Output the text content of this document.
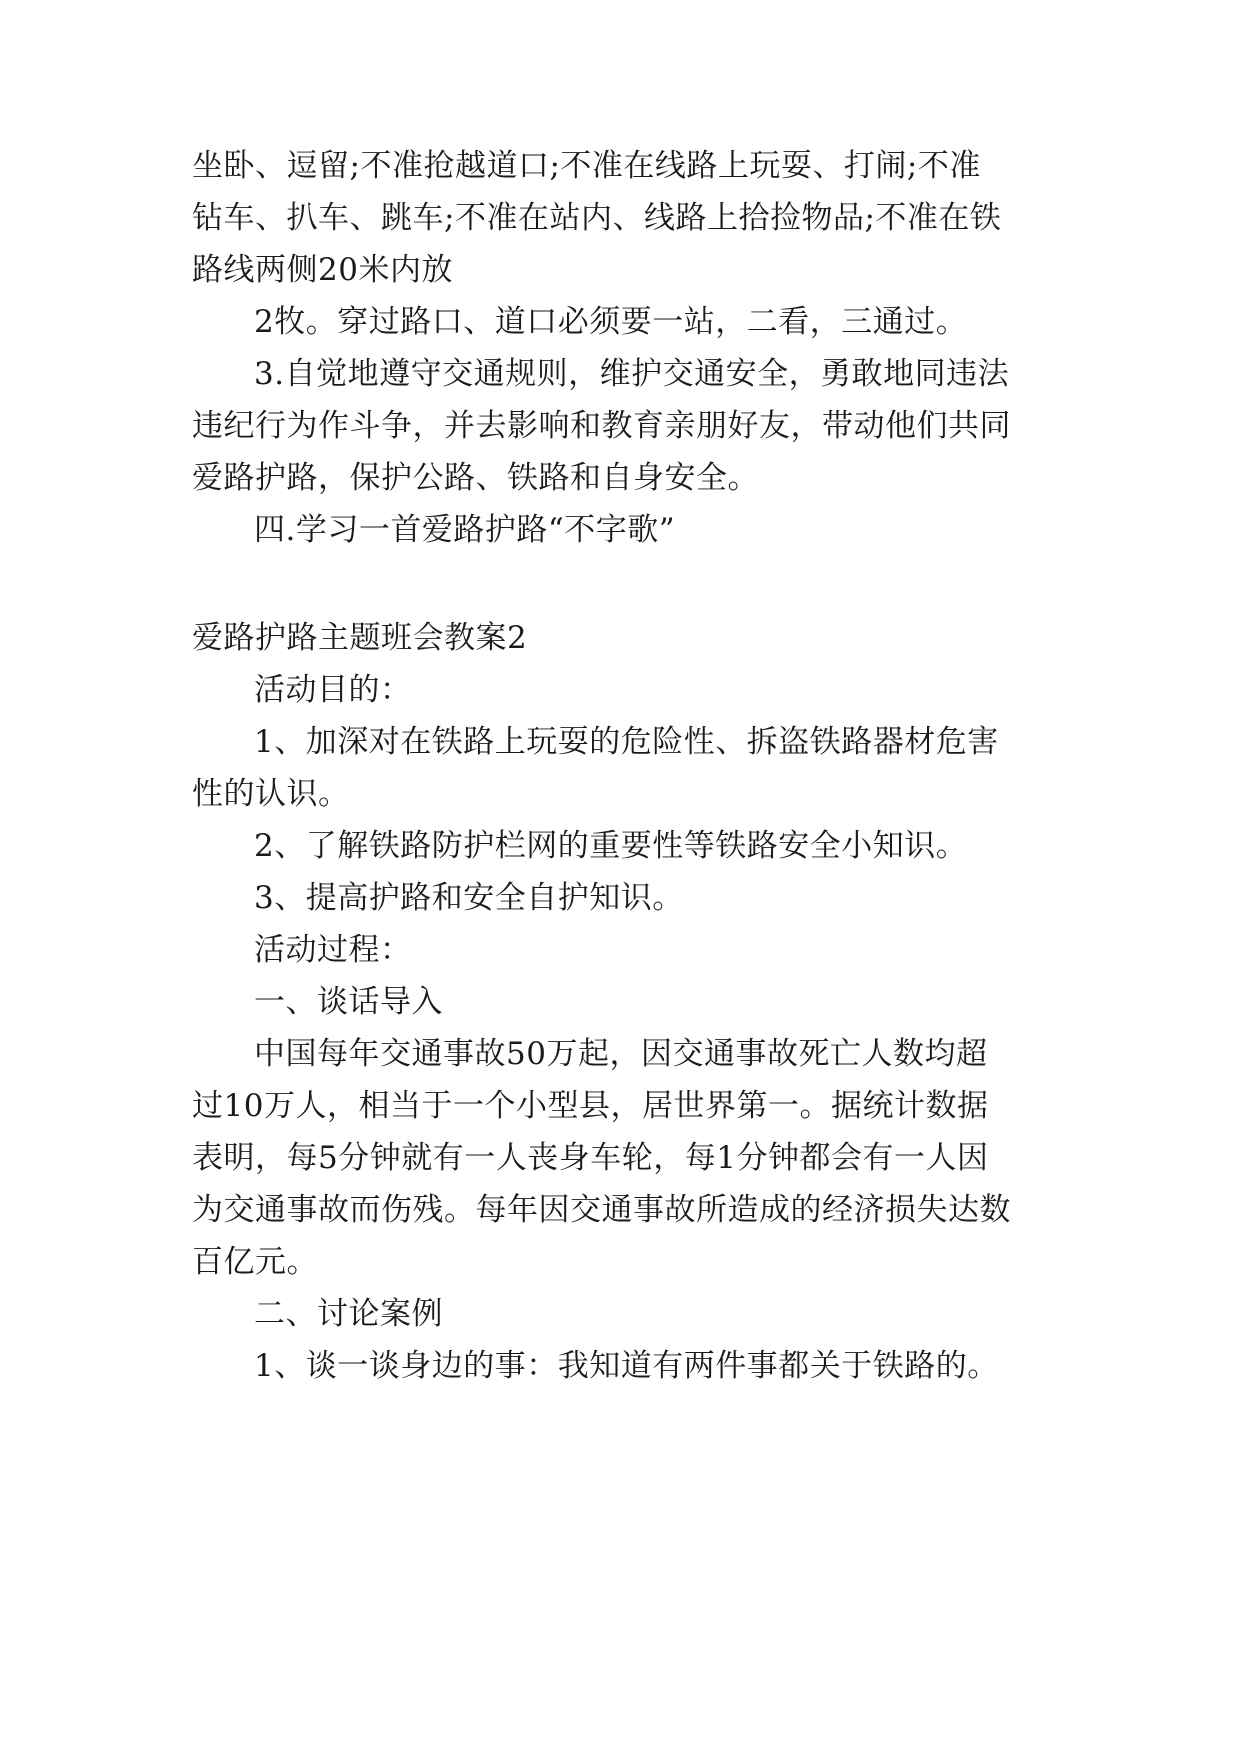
坐卧、逗留;不准抢越道口;不准在线路上玩耍、打闹;不准
钻车、扒车、跳车;不准在站内、线路上拾捡物品;不准在铁
路线两侧20米内放
2牧。穿过路口、道口必须要一站，二看，三通过。
3.自觉地遵守交通规则，维护交通安全，勇敢地同违法
违纪行为作斗争，并去影响和教育亲朋好友，带动他们共同
爱路护路，保护公路、铁路和自身安全。
四.学习一首爱路护路“不字歌”
爱路护路主题班会教案2
活动目的：
1、加深对在铁路上玩耍的危险性、拆盗铁路器材危害
性的认识。
2、了解铁路防护栏网的重要性等铁路安全小知识。
3、提高护路和安全自护知识。
活动过程：
一、谈话导入
中国每年交通事故50万起，因交通事故死亡人数均超
过10万人，相当于一个小型县，居世界第一。据统计数据
表明，每5分钟就有一人丧身车轮，每1分钟都会有一人因
为交通事故而伤残。每年因交通事故所造成的经济损失达数
百亿元。
二、讨论案例
1、谈一谈身边的事：我知道有两件事都关于铁路的。
